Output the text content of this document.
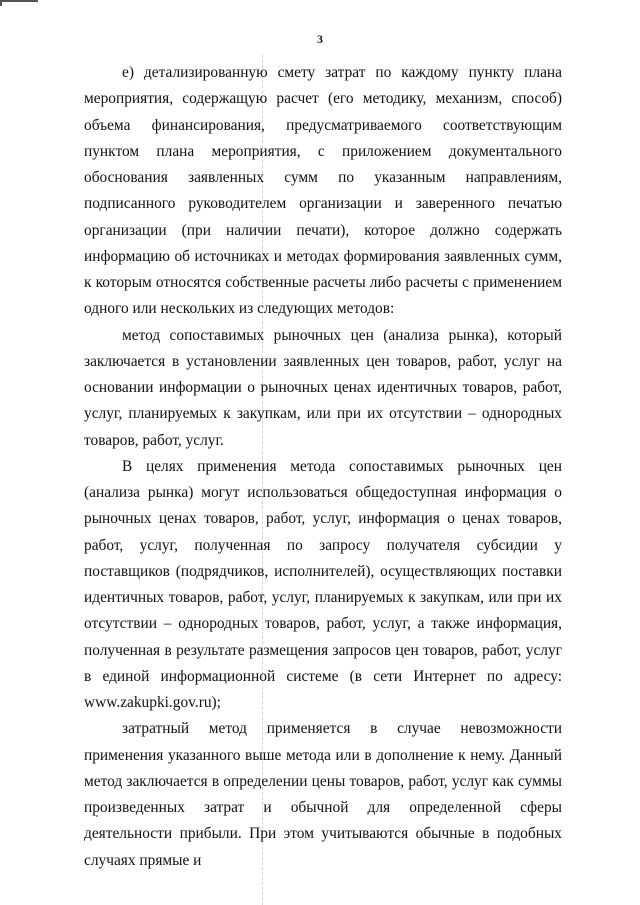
3

е) детализированную смету затрат по каждому пункту плана мероприятия, содержащую расчет (его методику, механизм, способ) объема финансирования, предусматриваемого соответствующим пунктом плана мероприятия, с приложением документального обоснования заявленных сумм по указанным направлениям, подписанного руководителем организации и заверенного печатью организации (при наличии печати), которое должно содержать информацию об источниках и методах формирования заявленных сумм, к которым относятся собственные расчеты либо расчеты с применением одного или нескольких из следующих методов:

метод сопоставимых рыночных цен (анализа рынка), который заключается в установлении заявленных цен товаров, работ, услуг на основании информации о рыночных ценах идентичных товаров, работ, услуг, планируемых к закупкам, или при их отсутствии – однородных товаров, работ, услуг.

В целях применения метода сопоставимых рыночных цен (анализа рынка) могут использоваться общедоступная информация о рыночных ценах товаров, работ, услуг, информация о ценах товаров, работ, услуг, полученная по запросу получателя субсидии у поставщиков (подрядчиков, исполнителей), осуществляющих поставки идентичных товаров, работ, услуг, планируемых к закупкам, или при их отсутствии – однородных товаров, работ, услуг, а также информация, полученная в результате размещения запросов цен товаров, работ, услуг в единой информационной системе (в сети Интернет по адресу: www.zakupki.gov.ru);

затратный метод применяется в случае невозможности применения указанного выше метода или в дополнение к нему. Данный метод заключается в определении цены товаров, работ, услуг как суммы произведенных затрат и обычной для определенной сферы деятельности прибыли. При этом учитываются обычные в подобных случаях прямые и
